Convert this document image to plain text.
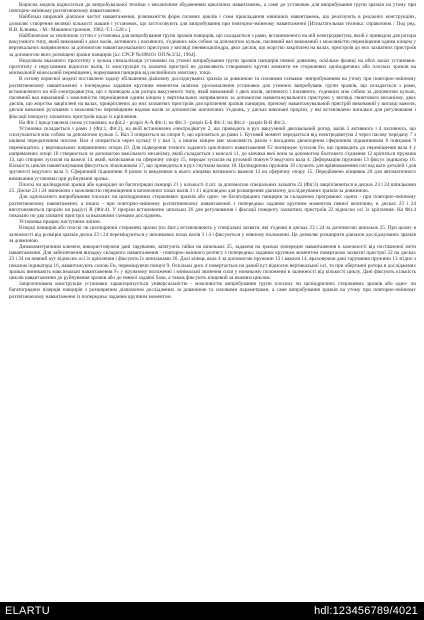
Корисна модель відноситься до випробувальної техніки з механічним збудженням циклічних навантажень, а саме до установок для випробування групи зразків на утому при повторно-змінному розтягнюючому навантаженні.

Найбільш широкий діапазон частот навантаження, різноманіття форм силових циклів і схем прикладання зовнішніх навантажень, що реалізують в реальних конструкціях, дозволяє створення великої кількості машин і установок, що застосовують для випробування при повторно-змінному навантаженні [Испытательная техника: справочник / Под ред. В.В. Клюева. - М.: Машиностроение, 1982.-Т.1.-528 с.].

Найближчою за технічною суттю є установка для випробування групи зразків панцирів, що складається з рами, встановленого на ній електродвигуна, який є приводом для ротора вакуумного типу, який виконаний з двох валів, активного і пасивного, з'єднаних між собою за допомогою кульок, пасивний вал виконаний з можливістю переміщення одним кінцем у вертикальних напрямлених за допомогою навантажувального пристрою у вигляді пневмоциліндра, двох дисків, що жорстко закріплені на валах, пристроїв до них захватних пристроїв за допомогою яких розміщені зразки панцирів [а.с.СРСР №188101 ОП №3/32, 1964].

Недоліком вказаного прототипу є вузька спеціалізація установки на утомні випробування групи зразків панцирів певної довжини, оскільки фланці на обох валах установки-прототипу є нерухомими відносно валів, їх конструкція та захватні пристрої не дозволяють створювати крупні моменти не стержневих циліндричних або плоских зразків на мінімальній міжосьовій переміщенні, нормування панцирів від нелінійного монтажу, тощо.

В основу корисної моделі поставлено задачу збільшення діапазону досліджуваних зразків за довжиною та силовими схемами -випробуванням на утому при повторно-змінному розтягнюючому навантаженні з попередньо заданим крупним моментом шляхом удосконалення установки для утомних випробувань групи зразків, що складається з рами, встановленого на ній електродвигуна, що є приводом для ротора вакуумного типу, який виконаний з двох валів, активного і пасивного, з'єднаних між собою за допомогою кульок, пасивний вал виконаний з можливістю переміщення одним кінцем у вертикальних напрямлених за допомогою навантажувального пристрою у вигляді гвинтового механізму, двох дисків, що жорстко закріплені на валах, прикріплених до них захватних пристроїв для кріплення зразків панцирів, причому навантажувальний пристрій виконаний у вигляді важеля, дисків виконані рухомими з можливістю переміщення вздовж валів за допомогою шпоночних з'єднань, у дисках виконані прорізи, у які встановлено шпильки для регулювання і фіксації повороту захватних пристроїв щодо їх кріплення.

На Фіг.1 представлена схема установки; на фіг.2 - розріз А-А Фіг.1; на Фіг.3 - розріз Б-Б Фіг.1; на Фіг.4 - розріз В-В Фіг.3.

Установка складається з рами 1 (Фіг.1, Фіг.2), на якій встановлено електродвигун 2, що приводить в рух вакуумний двохвальний ротор, валів 3 активного і 4 пасивного, що сполучаються між собою за допомогою кульок 5. Вал 3 опирається на опори 6, що кріпляться до рами 1. Кутовий момент передається від електродвигуна 2 через пасову передачу 7 з шківом передаточним числом. Вал 4 опирається через кульку 8 у вал 3, а іншим кінцем має можливість разом з насадним двоопорним сферичним підшипником 8 повздовж 9 переміщатись у вертикальних напрямлених опори 10. Для підведення точного заданого циклічного навантаження F2 попереднє зусилля Fн, що приводить до переміщення вала 4 у напрямлених опорі 10 створюється за допомогою важільного механізму, який складається з консолі 11, до кінчика якої вона за допомогою болтового з'єднання 12 кріпиться пружина 13, що створює зусилля на важелі 14, який, натискаючи на сферичну опору 15, передає зусилля на рухомий повзун 9 ведучого вала 4. Деформацію пружини 13 фіксує індикатор 16. Кількість циклів навантажування фіксується лічильником 17, що приводиться в рух гнучким валом 18. Циліндрична пружина 19 служить для врівноваження сил від ваги деталей і для зручності ведучого вала 3. Сферичний підшипник 8 разом із введеними в нього кінцями натяжного важеля 13 на сферичну опору 15. Передбачено кінцевик 20 для автоматичного вимикання установки при руйнуванні зразка.

Плоскі чи циліндричні зразки або однорідні чи багатоґрядні панцирі 21 у кількості 4 шт. за допомогою спеціальних захватів 22 (Фіг.3) закріплюються в дисках 23 і 24 шпильками 25. Диски 23 і 24 змінюючи з можливістю переміщення в шпоночних пазах валів 3 і 4 і відповідно для розширення діапазону досліджуваних зразків за довжиною.

Для одночасного випробування плоских чи циліндричних стержневих зразків або одно- чи багатоґрядних панцирів за складеною програмою: одних - при повторно-змінному розтягнюючому навантаженні, а інших - при повторно-змінному розтягнюючому навантаженні з попередньо заданим крупним моментом певної величини, в дисках 23 і 24 виготовляються прорізи на радіусі R (Фіг.4). У прорізи встановлено шпильки 26 для регулювання і фіксації повороту захватних пристроїв 22 відносно осі їх кріплення. На Фіг.4 показано по два захватні пристрої за вказаними схемами досліджень.

Установка працює наступним чином.

Візерці панцирів або плоскі чи циліндричні стержневі зразки (по 4шт.) встановлюють у спеціальні захвати, які з'єднані в дисках 23 і 24 за допомогою шпильок 25. При цьому в залежності від розмірів зразків диски 23 і 24 переміщуються у шпонкових пазах валів 3 і 4 і фіксуються у певному положенні. Це дозволяє розширити діапазон досліджуваних зразків за довжиною.

Динамометричним ключем, використовуючи дані тарування, затягують гайки на шпильках 25, задаючи на зразках попереднє навантаження в залежності від поставленої мети навантаження. Для забезпечення випадку складного навантаження - повторно-змінного розтягу з попередньо заданим крупним моментом повертаємо захватні пристрої 22 на дисках 23 і 24 на певний кут відносно осі їх кріплення і фіксують їх шпильками 26. Далі кінець вала 4 за допомогою пружини 13 і важеля 14, враховуючи дані тарування пружини 13 згідно з показом індикатора 16, навантажують силою Fн, переміщуючи повзун 9. Оскільки диск 4 повертається на даний кут відносно вертикальної осі, то при обертанні ротора в досліджених зразках виникають максимальні навантаження Fₙ у пружному положенні і мінімальні значення сили у нижньому положенні в залежності від кількості циклу. Дані фіксують кількість циклів навантаження до руйнування зразків або до певної заданої бази, а також фіксують кінцевий за кожним циклом.

Запропонована конструкція установки характеризується універсальністю - можливістю випробування групи плоских чи циліндричних стержневих зразків або одно- чи багатоґрядних візерців панцирів з розширеним діапазоном досліджених за довжиною та силовими параметрами, а саме випробування зразків на утому при повторно-змінному розтягнюючому навантаженні із попередньо заданим крупним моментом.

ELARTU	hdl:123456789/4021
